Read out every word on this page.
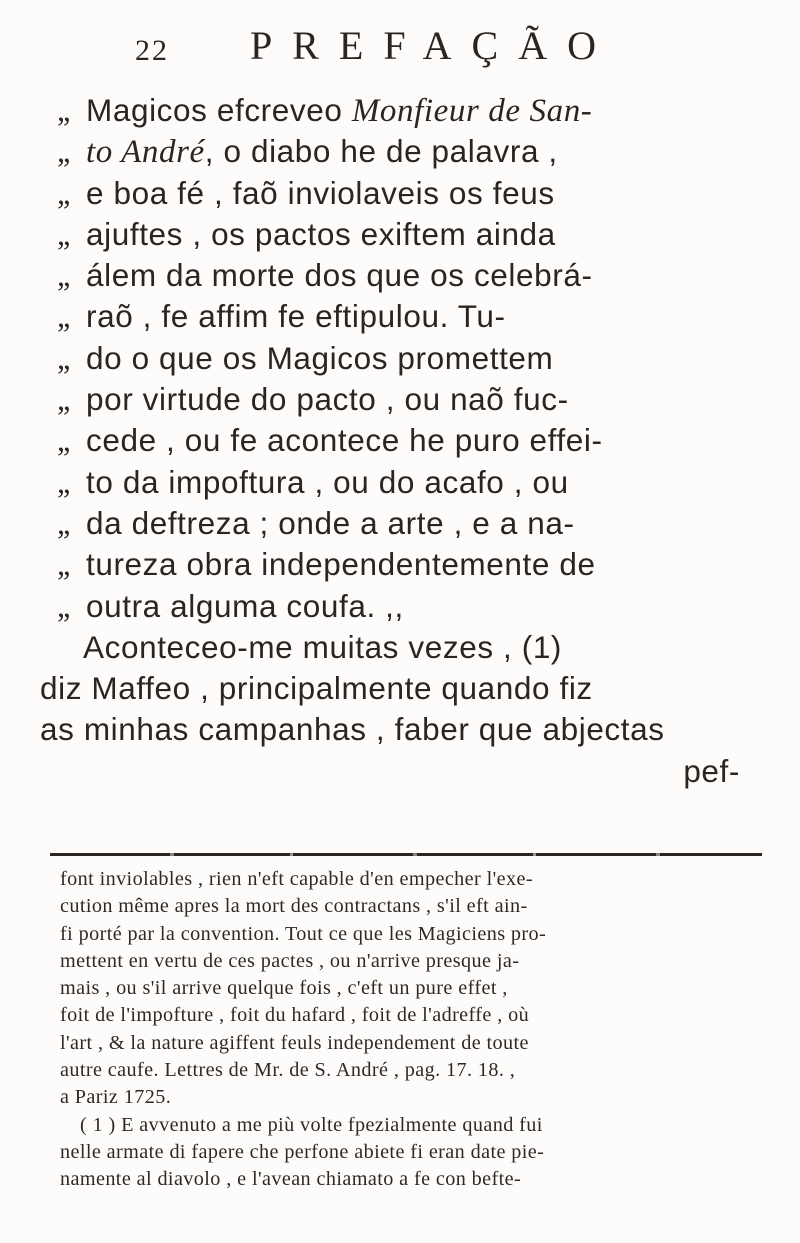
22 PREFAÇÃO
,, Magicos efcreveo Monfieur de San-
,, to André, o diabo he de palavra ,
,, e boa fé , faõ inviolaveis os feus
,, ajuftes , os pactos exiftem ainda
,, álem da morte dos que os celebrá-
,, raõ , fe affim fe eftipulou. Tu-
,, do o que os Magicos promettem
,, por virtude do pacto , ou naõ fuc-
,, cede , ou fe acontece he puro effei-
,, to da impoftura , ou do acafo , ou
,, da deftreza ; onde a arte , e a na-
,, tureza obra independentemente de
,, outra alguma coufa. ,,
Aconteceo-me muitas vezes , (1)
diz Maffeo , principalmente quando fiz
as minhas campanhas , faber que abjectas
pef-
font inviolables , rien n'eft capable d'en empecher l'exe-
cution même apres la mort des contractans , s'il eft ain-
fi porté par la convention. Tout ce que les Magiciens pro-
mettent en vertu de ces pactes , ou n'arrive presque ja-
mais , ou s'il arrive quelque fois , c'eft un pure effet ,
foit de l'impofture , foit du hafard , foit de l'adreffe , où
l'art , & la nature agiffent feuls independement de toute
autre caufe. Lettres de Mr. de S. André , pag. 17. 18. ,
a Pariz 1725.
( 1 ) E avvenuto a me più volte fpezialmente quand fui
nelle armate di fapere che perfone abiete fi eran date pie-
namente al diavolo , e l'avean chiamato a fe con befte-
